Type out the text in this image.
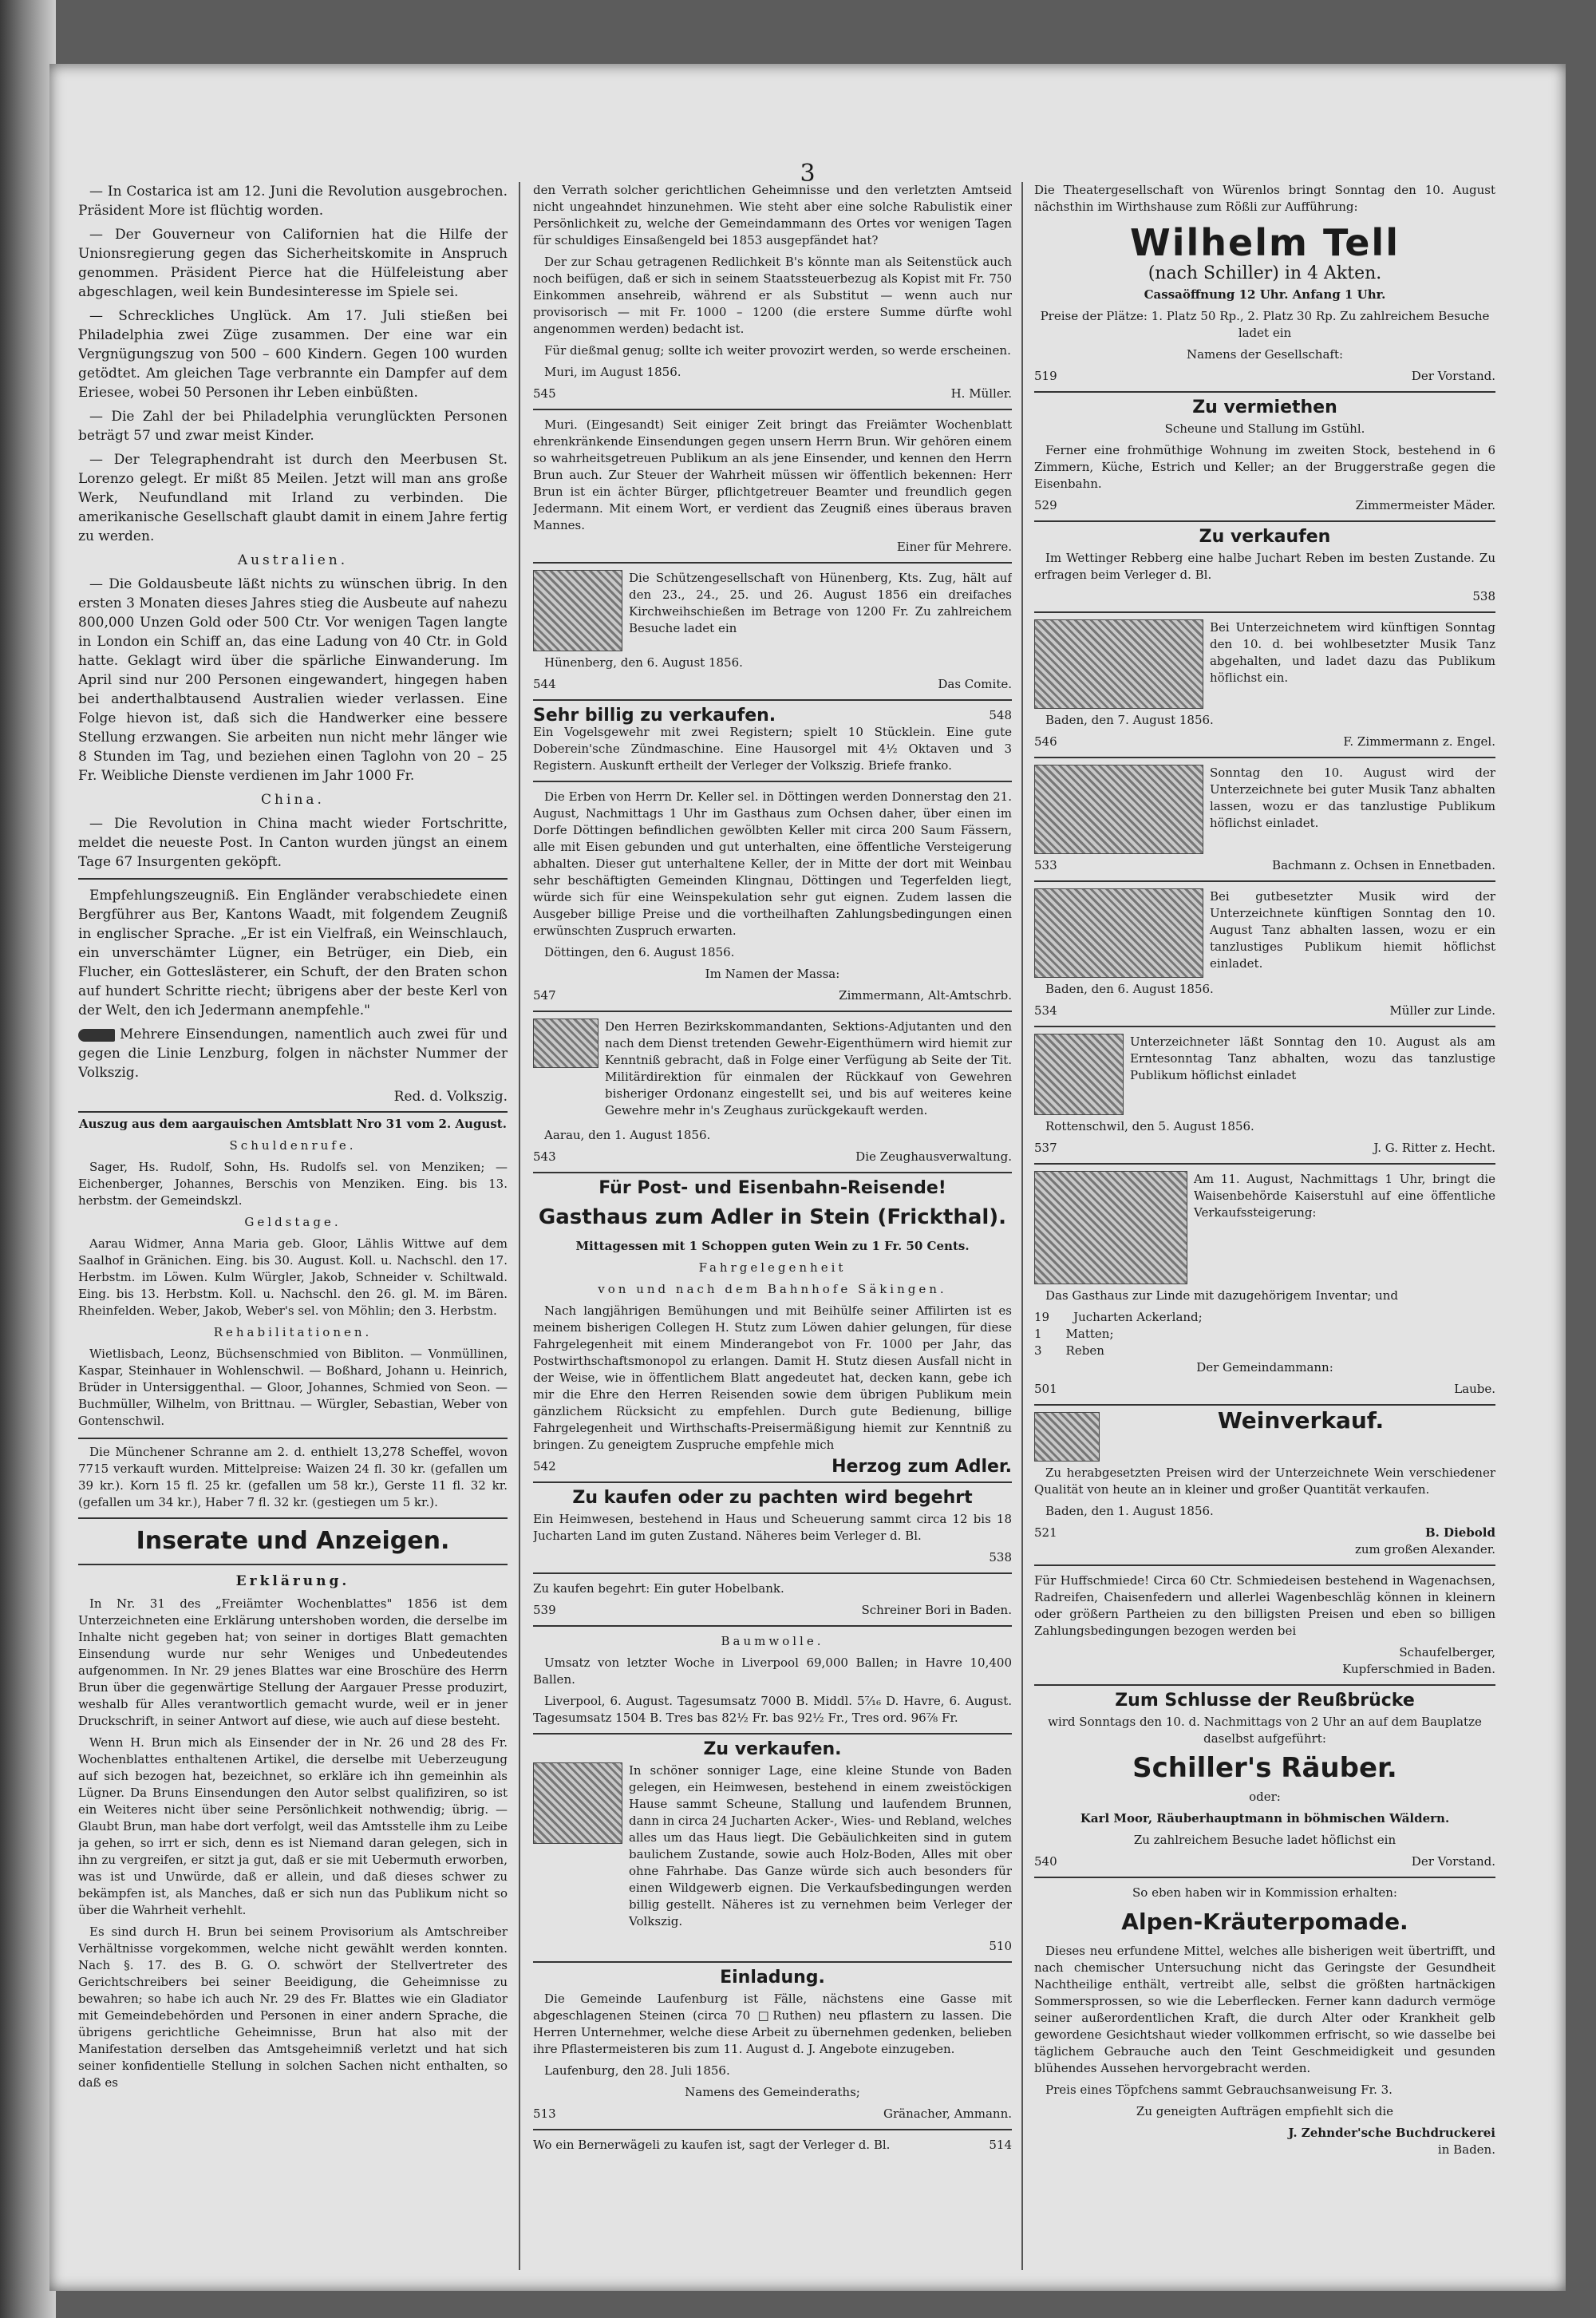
3

— In Costarica ist am 12. Juni die Revolution ausgebrochen. Präsident More ist flüchtig worden.

— Der Gouverneur von Californien hat die Hilfe der Unionsregierung gegen das Sicherheitskomite in Anspruch genommen. Präsident Pierce hat die Hülfeleistung aber abgeschlagen, weil kein Bundesinteresse im Spiele sei.

— Schreckliches Unglück. Am 17. Juli stießen bei Philadelphia zwei Züge zusammen. Der eine war ein Vergnügungszug von 500 – 600 Kindern. Gegen 100 wurden getödtet. Am gleichen Tage verbrannte ein Dampfer auf dem Eriesee, wobei 50 Personen ihr Leben einbüßten.

— Die Zahl der bei Philadelphia verunglückten Personen beträgt 57 und zwar meist Kinder.

— Der Telegraphendraht ist durch den Meerbusen St. Lorenzo gelegt. Er mißt 85 Meilen. Jetzt will man ans große Werk, Neufundland mit Irland zu verbinden. Die amerikanische Gesellschaft glaubt damit in einem Jahre fertig zu werden.

Australien.

— Die Goldausbeute läßt nichts zu wünschen übrig. In den ersten 3 Monaten dieses Jahres stieg die Ausbeute auf nahezu 800,000 Unzen Gold oder 500 Ctr. Vor wenigen Tagen langte in London ein Schiff an, das eine Ladung von 40 Ctr. in Gold hatte. Geklagt wird über die spärliche Einwanderung. Im April sind nur 200 Personen eingewandert, hingegen haben bei anderthalbtausend Australien wieder verlassen. Eine Folge hievon ist, daß sich die Handwerker eine bessere Stellung erzwangen. Sie arbeiten nun nicht mehr länger wie 8 Stunden im Tag, und beziehen einen Taglohn von 20 – 25 Fr. Weibliche Dienste verdienen im Jahr 1000 Fr.

China.

— Die Revolution in China macht wieder Fortschritte, meldet die neueste Post. In Canton wurden jüngst an einem Tage 67 Insurgenten geköpft.

Empfehlungszeugniß. Ein Engländer verabschiedete einen Bergführer aus Ber, Kantons Waadt, mit folgendem Zeugniß in englischer Sprache. „Er ist ein Vielfraß, ein Weinschlauch, ein unverschämter Lügner, ein Betrüger, ein Dieb, ein Flucher, ein Gotteslästerer, ein Schuft, der den Braten schon auf hundert Schritte riecht; übrigens aber der beste Kerl von der Welt, den ich Jedermann anempfehle."

Mehrere Einsendungen, namentlich auch zwei für und gegen die Linie Lenzburg, folgen in nächster Nummer der Volkszig.

Red. d. Volkszig.

Auszug aus dem aargauischen Amtsblatt Nro 31 vom 2. August.

Schuldenrufe.

Sager, Hs. Rudolf, Sohn, Hs. Rudolfs sel. von Menziken; — Eichenberger, Johannes, Berschis von Menziken. Eing. bis 13. herbstm. der Gemeindskzl.

Geldstage.

Aarau Widmer, Anna Maria geb. Gloor, Lählis Wittwe auf dem Saalhof in Gränichen. Eing. bis 30. August. Koll. u. Nachschl. den 17. Herbstm. im Löwen. Kulm Würgler, Jakob, Schneider v. Schiltwald. Eing. bis 13. Herbstm. Koll. u. Nachschl. den 26. gl. M. im Bären. Rheinfelden. Weber, Jakob, Weber's sel. von Möhlin; den 3. Herbstm.

Rehabilitationen.

Wietlisbach, Leonz, Büchsenschmied von Bibliton. — Vonmüllinen, Kaspar, Steinhauer in Wohlenschwil. — Boßhard, Johann u. Heinrich, Brüder in Untersiggenthal. — Gloor, Johannes, Schmied von Seon. — Buchmüller, Wilhelm, von Brittnau. — Würgler, Sebastian, Weber von Gontenschwil.

Die Münchener Schranne am 2. d. enthielt 13,278 Scheffel, wovon 7715 verkauft wurden. Mittelpreise: Waizen 24 fl. 30 kr. (gefallen um 39 kr.). Korn 15 fl. 25 kr. (gefallen um 58 kr.), Gerste 11 fl. 32 kr. (gefallen um 34 kr.), Haber 7 fl. 32 kr. (gestiegen um 5 kr.).

Inserate und Anzeigen.

Erklärung.

In Nr. 31 des „Freiämter Wochenblattes" 1856 ist dem Unterzeichneten eine Erklärung untershoben worden, die derselbe im Inhalte nicht gegeben hat; von seiner in dortiges Blatt gemachten Einsendung wurde nur sehr Weniges und Unbedeutendes aufgenommen. In Nr. 29 jenes Blattes war eine Broschüre des Herrn Brun über die gegenwärtige Stellung der Aargauer Presse produzirt, weshalb für Alles verantwortlich gemacht wurde, weil er in jener Druckschrift, in seiner Antwort auf diese, wie auch auf diese besteht.

Wenn H. Brun mich als Einsender der in Nr. 26 und 28 des Fr. Wochenblattes enthaltenen Artikel, die derselbe mit Ueberzeugung auf sich bezogen hat, bezeichnet, so erkläre ich ihn gemeinhin als Lügner. Da Bruns Einsendungen den Autor selbst qualifiziren, so ist ein Weiteres nicht über seine Persönlichkeit nothwendig; übrig. — Glaubt Brun, man habe dort verfolgt, weil das Amtsstelle ihm zu Leibe ja gehen, so irrt er sich, denn es ist Niemand daran gelegen, sich in ihn zu vergreifen, er sitzt ja gut, daß er sie mit Uebermuth erworben, was ist und Unwürde, daß er allein, und daß dieses schwer zu bekämpfen ist, als Manches, daß er sich nun das Publikum nicht so über die Wahrheit verhehlt.

Es sind durch H. Brun bei seinem Provisorium als Amtschreiber Verhältnisse vorgekommen, welche nicht gewählt werden konnten. Nach §. 17. des B. G. O. schwört der Stellvertreter des Gerichtschreibers bei seiner Beeidigung, die Geheimnisse zu bewahren; so habe ich auch Nr. 29 des Fr. Blattes wie ein Gladiator mit Gemeindebehörden und Personen in einer andern Sprache, die übrigens gerichtliche Geheimnisse, Brun hat also mit der Manifestation derselben das Amtsgeheimniß verletzt und hat sich seiner konfidentielle Stellung in solchen Sachen nicht enthalten, so daß es

den Verrath solcher gerichtlichen Geheimnisse und den verletzten Amtseid nicht ungeahndet hinzunehmen. Wie steht aber eine solche Rabulistik einer Persönlichkeit zu, welche der Gemeindammann des Ortes vor wenigen Tagen für schuldiges Einsaßengeld bei 1853 ausgepfändet hat?

Der zur Schau getragenen Redlichkeit B's könnte man als Seitenstück auch noch beifügen, daß er sich in seinem Staatssteuerbezug als Kopist mit Fr. 750 Einkommen ansehreib, während er als Substitut — wenn auch nur provisorisch — mit Fr. 1000 – 1200 (die erstere Summe dürfte wohl angenommen werden) bedacht ist.

Für dießmal genug; sollte ich weiter provozirt werden, so werde erscheinen.

Muri, im August 1856.

545	H. Müller.

Muri. (Eingesandt) Seit einiger Zeit bringt das Freiämter Wochenblatt ehrenkränkende Einsendungen gegen unsern Herrn Brun. Wir gehören einem so wahrheitsgetreuen Publikum an als jene Einsender, und kennen den Herrn Brun auch. Zur Steuer der Wahrheit müssen wir öffentlich bekennen: Herr Brun ist ein ächter Bürger, pflichtgetreuer Beamter und freundlich gegen Jedermann. Mit einem Wort, er verdient das Zeugniß eines überaus braven Mannes.

Einer für Mehrere.

Die Schützengesellschaft von Hünenberg, Kts. Zug, hält auf den 23., 24., 25. und 26. August 1856 ein dreifaches Kirchweihschießen im Betrage von 1200 Fr. Zu zahlreichem Besuche ladet ein

Hünenberg, den 6. August 1856.

544	Das Comite.
Sehr billig zu verkaufen.	548

Ein Vogelsgewehr mit zwei Registern; spielt 10 Stücklein. Eine gute Doberein'sche Zündmaschine. Eine Hausorgel mit 4½ Oktaven und 3 Registern. Auskunft ertheilt der Verleger der Volkszig. Briefe franko.

Die Erben von Herrn Dr. Keller sel. in Döttingen werden Donnerstag den 21. August, Nachmittags 1 Uhr im Gasthaus zum Ochsen daher, über einen im Dorfe Döttingen befindlichen gewölbten Keller mit circa 200 Saum Fässern, alle mit Eisen gebunden und gut unterhalten, eine öffentliche Versteigerung abhalten. Dieser gut unterhaltene Keller, der in Mitte der dort mit Weinbau sehr beschäftigten Gemeinden Klingnau, Döttingen und Tegerfelden liegt, würde sich für eine Weinspekulation sehr gut eignen. Zudem lassen die Ausgeber billige Preise und die vortheilhaften Zahlungsbedingungen einen erwünschten Zuspruch erwarten.

Döttingen, den 6. August 1856.

Im Namen der Massa:

547	Zimmermann, Alt-Amtschrb.

Den Herren Bezirkskommandanten, Sektions-Adjutanten und den nach dem Dienst tretenden Gewehr-Eigenthümern wird hiemit zur Kenntniß gebracht, daß in Folge einer Verfügung ab Seite der Tit. Militärdirektion für einmalen der Rückkauf von Gewehren bisheriger Ordonanz eingestellt sei, und bis auf weiteres keine Gewehre mehr in's Zeughaus zurückgekauft werden.

Aarau, den 1. August 1856.

543	Die Zeughausverwaltung.

Für Post- und Eisenbahn-Reisende!

Gasthaus zum Adler in Stein (Frickthal).

Mittagessen mit 1 Schoppen guten Wein zu 1 Fr. 50 Cents.

Fahrgelegenheit

von und nach dem Bahnhofe Säkingen.

Nach langjährigen Bemühungen und mit Beihülfe seiner Affilirten ist es meinem bisherigen Collegen H. Stutz zum Löwen dahier gelungen, für diese Fahrgelegenheit mit einem Minderangebot von Fr. 1000 per Jahr, das Postwirthschaftsmonopol zu erlangen. Damit H. Stutz diesen Ausfall nicht in der Weise, wie in öffentlichem Blatt angedeutet hat, decken kann, gebe ich mir die Ehre den Herren Reisenden sowie dem übrigen Publikum mein gänzlichem Rücksicht zu empfehlen. Durch gute Bedienung, billige Fahrgelegenheit und Wirthschafts-Preisermäßigung hiemit zur Kenntniß zu bringen. Zu geneigtem Zuspruche empfehle mich

542	Herzog zum Adler.

Zu kaufen oder zu pachten wird begehrt

Ein Heimwesen, bestehend in Haus und Scheuerung sammt circa 12 bis 18 Jucharten Land im guten Zustand. Näheres beim Verleger d. Bl.

538

Zu kaufen begehrt: Ein guter Hobelbank.

539	Schreiner Bori in Baden.

Baumwolle.

Umsatz von letzter Woche in Liverpool 69,000 Ballen; in Havre 10,400 Ballen.

Liverpool, 6. August. Tagesumsatz 7000 B. Middl. 5⁷⁄₁₆ D. Havre, 6. August. Tagesumsatz 1504 B. Tres bas 82½ Fr. bas 92½ Fr., Tres ord. 96⅞ Fr.

Zu verkaufen.

In schöner sonniger Lage, eine kleine Stunde von Baden gelegen, ein Heimwesen, bestehend in einem zweistöckigen Hause sammt Scheune, Stallung und laufendem Brunnen, dann in circa 24 Jucharten Acker-, Wies- und Rebland, welches alles um das Haus liegt. Die Gebäulichkeiten sind in gutem baulichem Zustande, sowie auch Holz-Boden, Alles mit ober ohne Fahrhabe. Das Ganze würde sich auch besonders für einen Wildgewerb eignen. Die Verkaufsbedingungen werden billig gestellt. Näheres ist zu vernehmen beim Verleger der Volkszig.

510

Einladung.

Die Gemeinde Laufenburg ist Fälle, nächstens eine Gasse mit abgeschlagenen Steinen (circa 70 □Ruthen) neu pflastern zu lassen. Die Herren Unternehmer, welche diese Arbeit zu übernehmen gedenken, belieben ihre Pflastermeisteren bis zum 11. August d. J. Angebote einzugeben.

Laufenburg, den 28. Juli 1856.

Namens des Gemeinderaths;

513	Gränacher, Ammann.
Wo ein Bernerwägeli zu kaufen ist, sagt der Verleger d. Bl.	514

Die Theatergesellschaft von Würenlos bringt Sonntag den 10. August nächsthin im Wirthshause zum Rößli zur Aufführung:

Wilhelm Tell

(nach Schiller) in 4 Akten.

Cassaöffnung 12 Uhr. Anfang 1 Uhr.

Preise der Plätze: 1. Platz 50 Rp., 2. Platz 30 Rp. Zu zahlreichem Besuche ladet ein

Namens der Gesellschaft:

519	Der Vorstand.

Zu vermiethen

Scheune und Stallung im Gstühl.

Ferner eine frohmüthige Wohnung im zweiten Stock, bestehend in 6 Zimmern, Küche, Estrich und Keller; an der Bruggerstraße gegen die Eisenbahn.

529	Zimmermeister Mäder.

Zu verkaufen

Im Wettinger Rebberg eine halbe Juchart Reben im besten Zustande. Zu erfragen beim Verleger d. Bl.

538

Bei Unterzeichnetem wird künftigen Sonntag den 10. d. bei wohlbesetzter Musik Tanz abgehalten, und ladet dazu das Publikum höflichst ein.

Baden, den 7. August 1856.

546	F. Zimmermann z. Engel.

Sonntag den 10. August wird der Unterzeichnete bei guter Musik Tanz abhalten lassen, wozu er das tanzlustige Publikum höflichst einladet.

533	Bachmann z. Ochsen in Ennetbaden.

Bei gutbesetzter Musik wird der Unterzeichnete künftigen Sonntag den 10. August Tanz abhalten lassen, wozu er ein tanzlustiges Publikum hiemit höflichst einladet.

Baden, den 6. August 1856.

534	Müller zur Linde.

Unterzeichneter läßt Sonntag den 10. August als am Erntesonntag Tanz abhalten, wozu das tanzlustige Publikum höflichst einladet

Rottenschwil, den 5. August 1856.

537	J. G. Ritter z. Hecht.

Am 11. August, Nachmittags 1 Uhr, bringt die Waisenbehörde Kaiserstuhl auf eine öffentliche Verkaufssteigerung:

Das Gasthaus zur Linde mit dazugehörigem Inventar; und

19 Jucharten Ackerland;
1 Matten;
3 Reben

Der Gemeindammann:

501	Laube.

Weinverkauf.

Zu herabgesetzten Preisen wird der Unterzeichnete Wein verschiedener Qualität von heute an in kleiner und großer Quantität verkaufen.

Baden, den 1. August 1856.

521	B. Diebold
zum großen Alexander.

Für Huffschmiede! Circa 60 Ctr. Schmiedeisen bestehend in Wagenachsen, Radreifen, Chaisenfedern und allerlei Wagenbeschläg können in kleinern oder größern Partheien zu den billigsten Preisen und eben so billigen Zahlungsbedingungen bezogen werden bei

Schaufelberger,
Kupferschmied in Baden.

Zum Schlusse der Reußbrücke

wird Sonntags den 10. d. Nachmittags von 2 Uhr an auf dem Bauplatze daselbst aufgeführt:

Schiller's Räuber.

oder:

Karl Moor, Räuberhauptmann in böhmischen Wäldern.

Zu zahlreichem Besuche ladet höflichst ein

540	Der Vorstand.

So eben haben wir in Kommission erhalten:

Alpen-Kräuterpomade.

Dieses neu erfundene Mittel, welches alle bisherigen weit übertrifft, und nach chemischer Untersuchung nicht das Geringste der Gesundheit Nachtheilige enthält, vertreibt alle, selbst die größten hartnäckigen Sommersprossen, so wie die Leberflecken. Ferner kann dadurch vermöge seiner außerordentlichen Kraft, die durch Alter oder Krankheit gelb gewordene Gesichtshaut wieder vollkommen erfrischt, so wie dasselbe bei täglichem Gebrauche auch den Teint Geschmeidigkeit und gesunden blühendes Aussehen hervorgebracht werden.

Preis eines Töpfchens sammt Gebrauchsanweisung Fr. 3.

Zu geneigten Aufträgen empfiehlt sich die

J. Zehnder'sche Buchdruckerei
in Baden.
